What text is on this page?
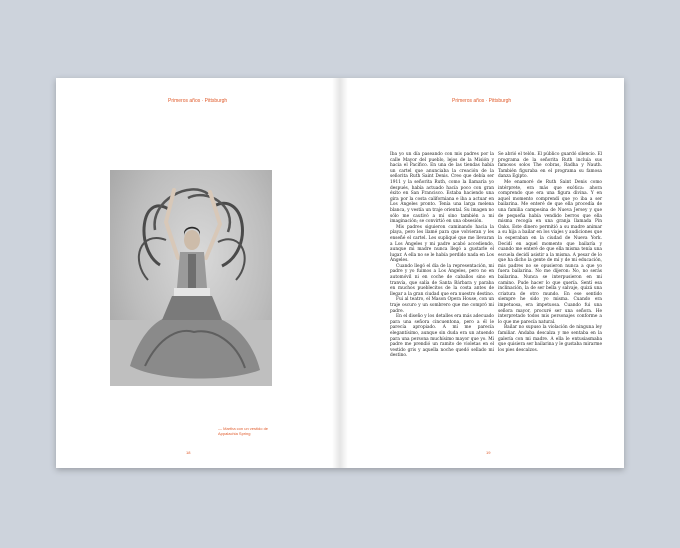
Primeros años · Pittsburgh
— Martha con un vestido de
Appalachia Spring
18
Primeros años · Pittsburgh

Iba yo un día paseando con mis padres por la calle Mayor del pueblo, lejos de la Misión y hacia el Pacífico. En una de las tiendas había un cartel que anunciaba la creación de la señorita Ruth Saint Denis. Creo que debía ser 1911 y la señorita Ruth, como la llamaría yo después, había actuado hacía poco con gran éxito en San Francisco. Estaba haciendo una gira por la costa californiana e iba a actuar en Los Ángeles pronto. Tenía una larga melena blanca, y vestía un traje oriental. Su imagen no sólo me cautivó a mí sino también a mi imaginación; se convirtió en una obsesión.

Mis padres siguieron caminando hacia la playa, pero les llamé para que volvieran y les enseñé el cartel. Les supliqué que me llevaran a Los Ángeles y mi padre acabó accediendo, aunque mi madre nunca llegó a gustarle el lugar. A ella no se le había perdido nada en Los Ángeles.

Cuando llegó el día de la representación, mi padre y yo fuimos a Los Ángeles, pero no en automóvil ni en coche de caballos sino en tranvía, que salía de Santa Bárbara y paraba en muchos pueblecitos de la costa antes de llegar a la gran ciudad que era nuestro destino.

Fui al teatro, el Mason Opera House, con un traje oscuro y un sombrero que me compró mi padre.

En el diseño y los detalles era más adecuado para una señora cincuentona, pero a él le parecía apropiado. A mí me parecía elegantísimo, aunque sin duda era un atuendo para una persona muchísimo mayor que yo. Mi padre me prendió un ramito de violetas en el vestido gris y aquella noche quedó sellado mi destino.

Se abrió el telón. El público guardó silencio. El programa de la señorita Ruth incluía sus famosos solos The cobras, Radha y Nauth. También figuraba en el programa su famosa danza Egipto.

Me enamoré de Ruth Saint Denis como intérprete, era más que exótica: ahora comprendo que era una figura divina. Y en aquel momento comprendí que yo iba a ser bailarina. Me enteré de que ella procedía de una familia campesina de Nueva Jersey y que de pequeña había vendido berros que ella misma recogía en una granja llamada Pin Oaks. Este dinero permitió a su madre animar a su hija a bailar en los viajes y audiciones que la esperaban en la ciudad de Nueva York. Decidí en aquel momento que bailaría y cuando me enteré de que ella misma tenía una escuela decidí asistir a la misma. A pesar de lo que ha dicho la gente de mí y de mi educación, mis padres no se opusieron nunca a que yo fuera bailarina. No me dijeron: No, no serás bailarina. Nunca se interpusieron en mi camino. Pude hacer lo que quería. Sentí esa inclinación, la de ser bella y salvaje, quizá una criatura de otro mundo. En ese sentido siempre he sido yo misma. Cuando era impetuosa, era impetuosa. Cuando fui una señora mayor, procuré ser una señora. He interpretado todos mis personajes conforme a lo que me parecía natural.

Bailar no supuso la violación de ninguna ley familiar. Andaba descalza y me sentaba en la galería con mi madre. A ella le entusiasmaba que quisiera ser bailarina y le gustaba mirarme los pies descalzos.

19
